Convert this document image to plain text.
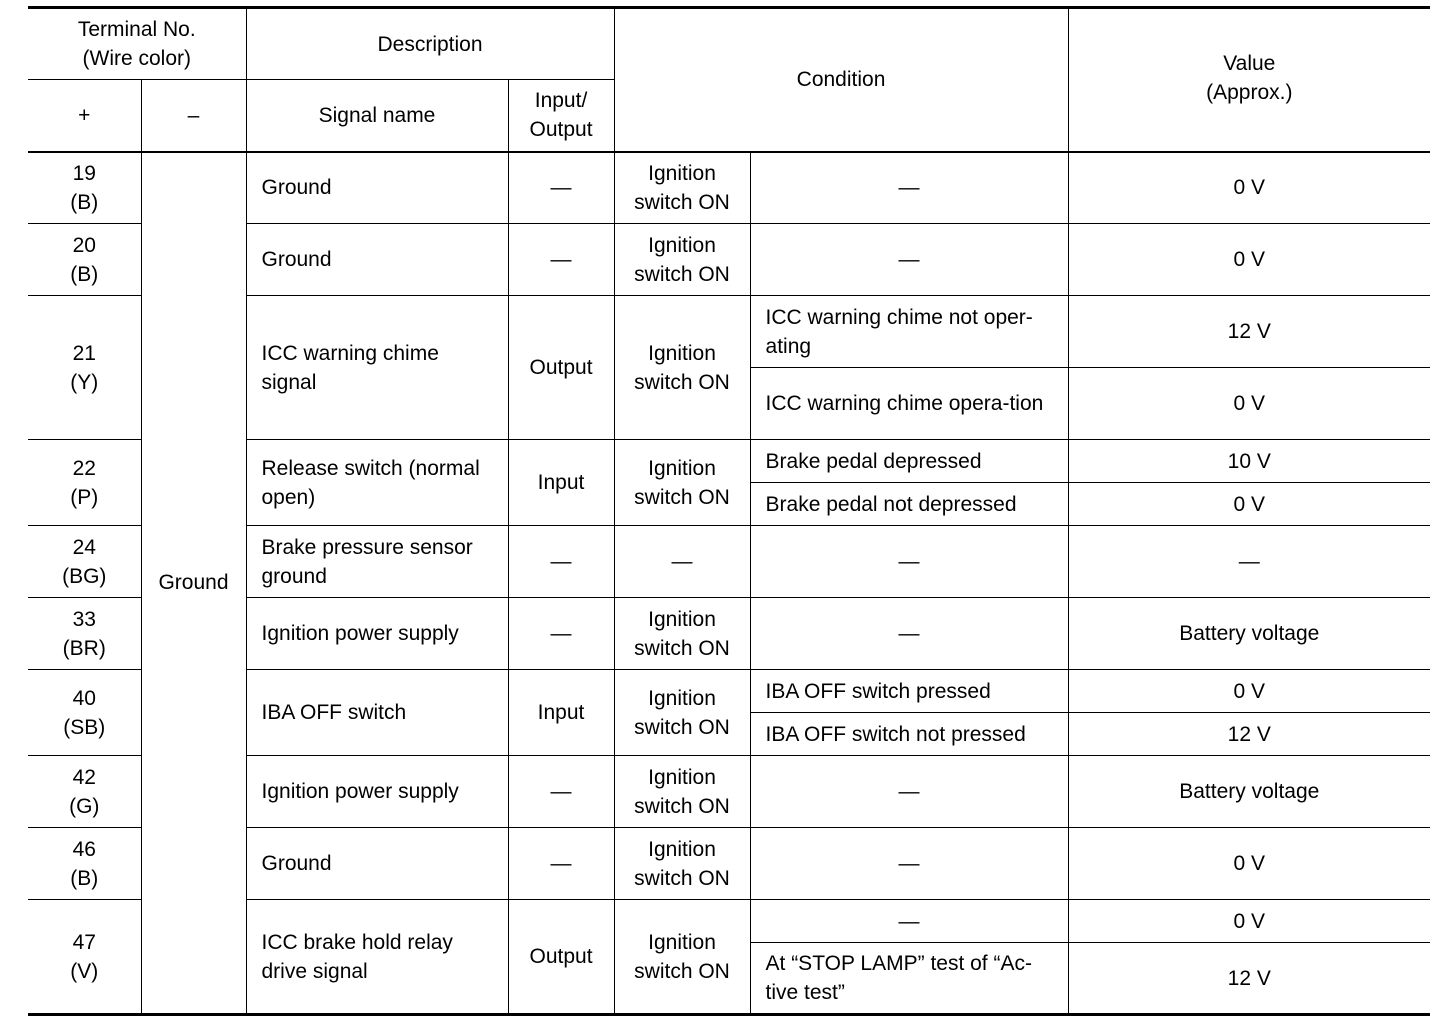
Terminal No.
(Wire color)		Description		Condition		Value
(Approx.)

+	–	Signal name	Input/
Output			

19
(B)	Ground	Ground	—	Ignition switch ON	—	0 V

20
(B)		Ground	—	Ignition switch ON	—	0 V

21
(Y)		ICC warning chime signal	Output	Ignition switch ON	ICC warning chime not oper-ating	12 V
					ICC warning chime opera-tion	0 V

22
(P)		Release switch (normal open)	Input	Ignition switch ON	Brake pedal depressed	10 V
					Brake pedal not depressed	0 V

24
(BG)		Brake pressure sensor ground	—	—	—	—

33
(BR)		Ignition power supply	—	Ignition switch ON	—	Battery voltage

40
(SB)		IBA OFF switch	Input	Ignition switch ON	IBA OFF switch pressed	0 V
					IBA OFF switch not pressed	12 V

42
(G)		Ignition power supply	—	Ignition switch ON	—	Battery voltage

46
(B)		Ground	—	Ignition switch ON	—	0 V

47
(V)		ICC brake hold relay drive signal	Output	Ignition switch ON	—	0 V
					At “STOP LAMP” test of “Ac-tive test”	12 V
